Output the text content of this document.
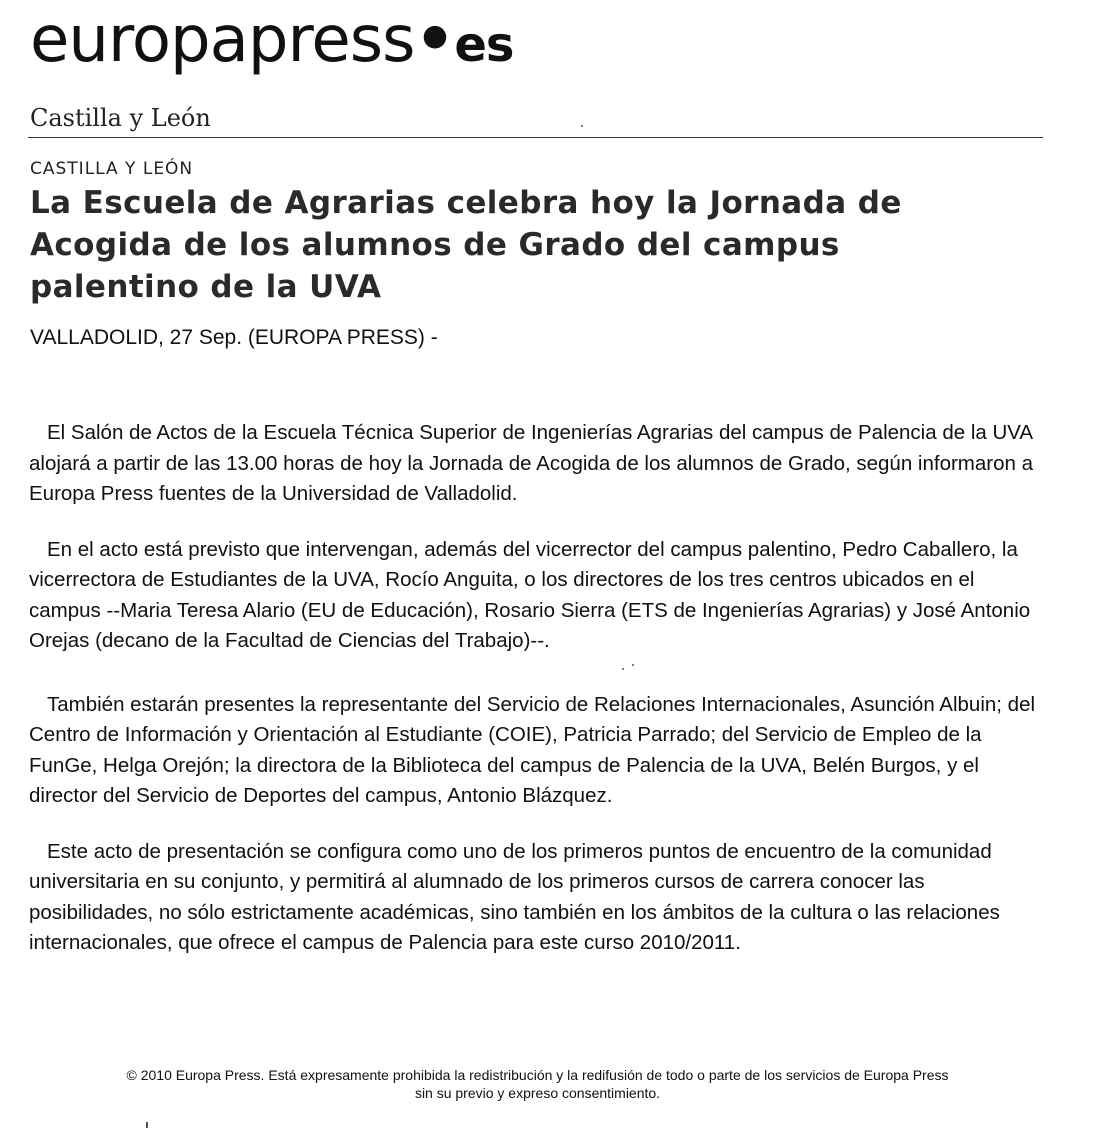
europapress•es
Castilla y León
CASTILLA Y LEÓN
La Escuela de Agrarias celebra hoy la Jornada de Acogida de los alumnos de Grado del campus palentino de la UVA
VALLADOLID, 27 Sep. (EUROPA PRESS) -

El Salón de Actos de la Escuela Técnica Superior de Ingenierías Agrarias del campus de Palencia de la UVA alojará a partir de las 13.00 horas de hoy la Jornada de Acogida de los alumnos de Grado, según informaron a Europa Press fuentes de la Universidad de Valladolid.

En el acto está previsto que intervengan, además del vicerrector del campus palentino, Pedro Caballero, la vicerrectora de Estudiantes de la UVA, Rocío Anguita, o los directores de los tres centros ubicados en el campus --Maria Teresa Alario (EU de Educación), Rosario Sierra (ETS de Ingenierías Agrarias) y José Antonio Orejas (decano de la Facultad de Ciencias del Trabajo)--.

También estarán presentes la representante del Servicio de Relaciones Internacionales, Asunción Albuin; del Centro de Información y Orientación al Estudiante (COIE), Patricia Parrado; del Servicio de Empleo de la FunGe, Helga Orejón; la directora de la Biblioteca del campus de Palencia de la UVA, Belén Burgos, y el director del Servicio de Deportes del campus, Antonio Blázquez.

Este acto de presentación se configura como uno de los primeros puntos de encuentro de la comunidad universitaria en su conjunto, y permitirá al alumnado de los primeros cursos de carrera conocer las posibilidades, no sólo estrictamente académicas, sino también en los ámbitos de la cultura o las relaciones internacionales, que ofrece el campus de Palencia para este curso 2010/2011.

© 2010 Europa Press. Está expresamente prohibida la redistribución y la redifusión de todo o parte de los servicios de Europa Press
sin su previo y expreso consentimiento.
